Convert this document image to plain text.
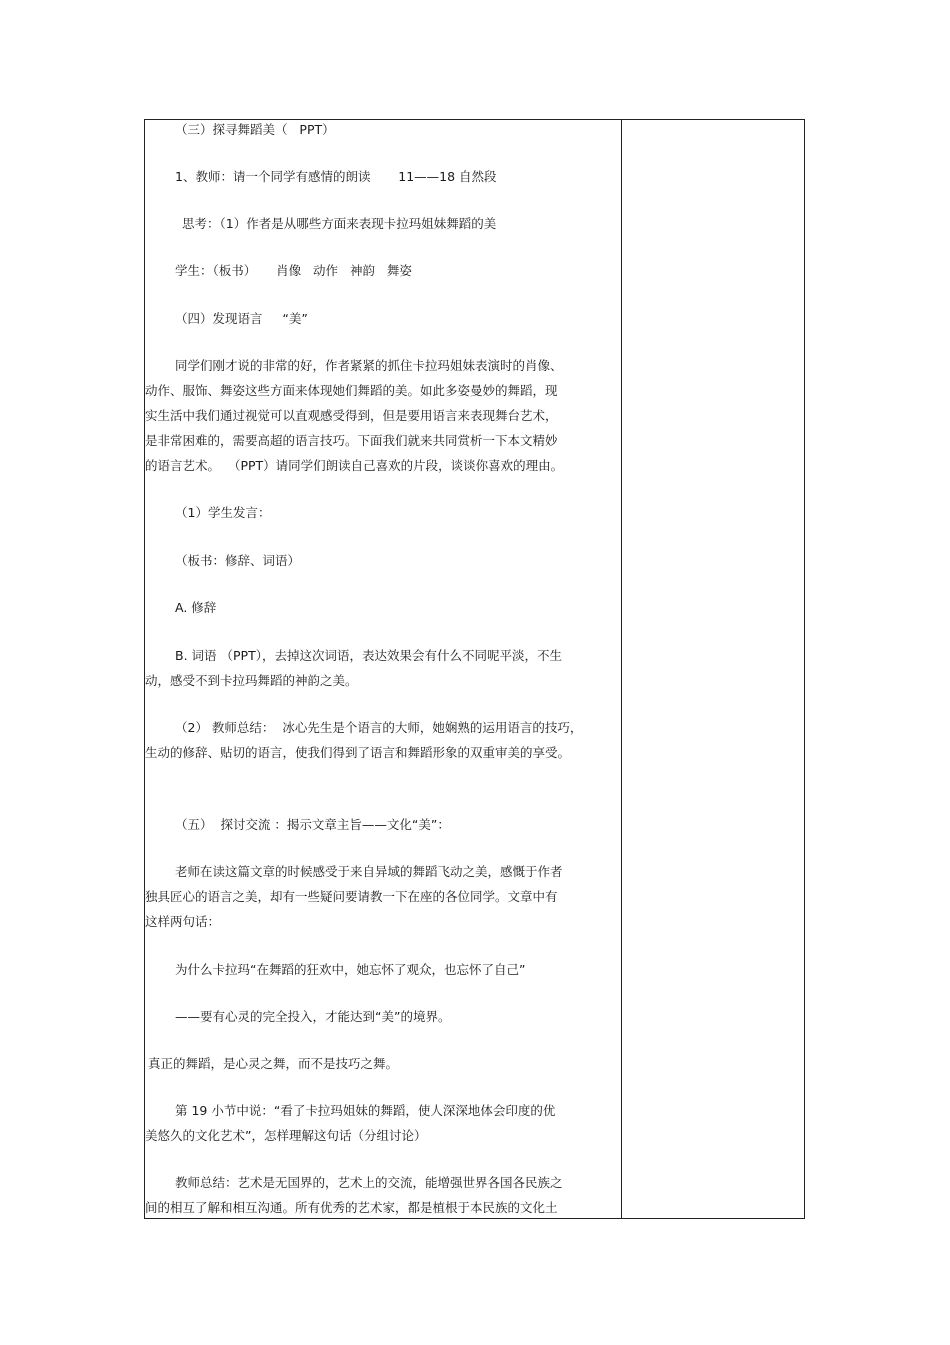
（三）探寻舞蹈美（   PPT）
1、教师：请一个同学有感情的朗读       11——18 自然段
思考：（1）作者是从哪些方面来表现卡拉玛姐妹舞蹈的美
学生：（板书）     肖像   动作   神韵   舞姿
（四）发现语言     “美”
同学们刚才说的非常的好，作者紧紧的抓住卡拉玛姐妹表演时的肖像、
动作、服饰、舞姿这些方面来体现她们舞蹈的美。如此多姿曼妙的舞蹈，现
实生活中我们通过视觉可以直观感受得到，但是要用语言来表现舞台艺术，
是非常困难的，需要高超的语言技巧。下面我们就来共同赏析一下本文精妙
的语言艺术。  （PPT）请同学们朗读自己喜欢的片段，谈谈你喜欢的理由。
（1）学生发言：
（板书：修辞、词语）
A. 修辞
B. 词语 （PPT），去掉这次词语，表达效果会有什么不同呢平淡，不生
动，感受不到卡拉玛舞蹈的神韵之美。
（2） 教师总结：  冰心先生是个语言的大师，她娴熟的运用语言的技巧，
生动的修辞、贴切的语言，使我们得到了语言和舞蹈形象的双重审美的享受。
（五）  探讨交流 ：揭示文章主旨——文化“美”：
老师在读这篇文章的时候感受于来自异域的舞蹈飞动之美，感慨于作者
独具匠心的语言之美，却有一些疑问要请教一下在座的各位同学。文章中有
这样两句话：
为什么卡拉玛“在舞蹈的狂欢中，她忘怀了观众，也忘怀了自己”
——要有心灵的完全投入，才能达到“美”的境界。
真正的舞蹈，是心灵之舞，而不是技巧之舞。
第 19 小节中说：“看了卡拉玛姐妹的舞蹈，使人深深地体会印度的优
美悠久的文化艺术”，怎样理解这句话（分组讨论）
教师总结：艺术是无国界的，艺术上的交流，能增强世界各国各民族之
间的相互了解和相互沟通。所有优秀的艺术家，都是植根于本民族的文化土
